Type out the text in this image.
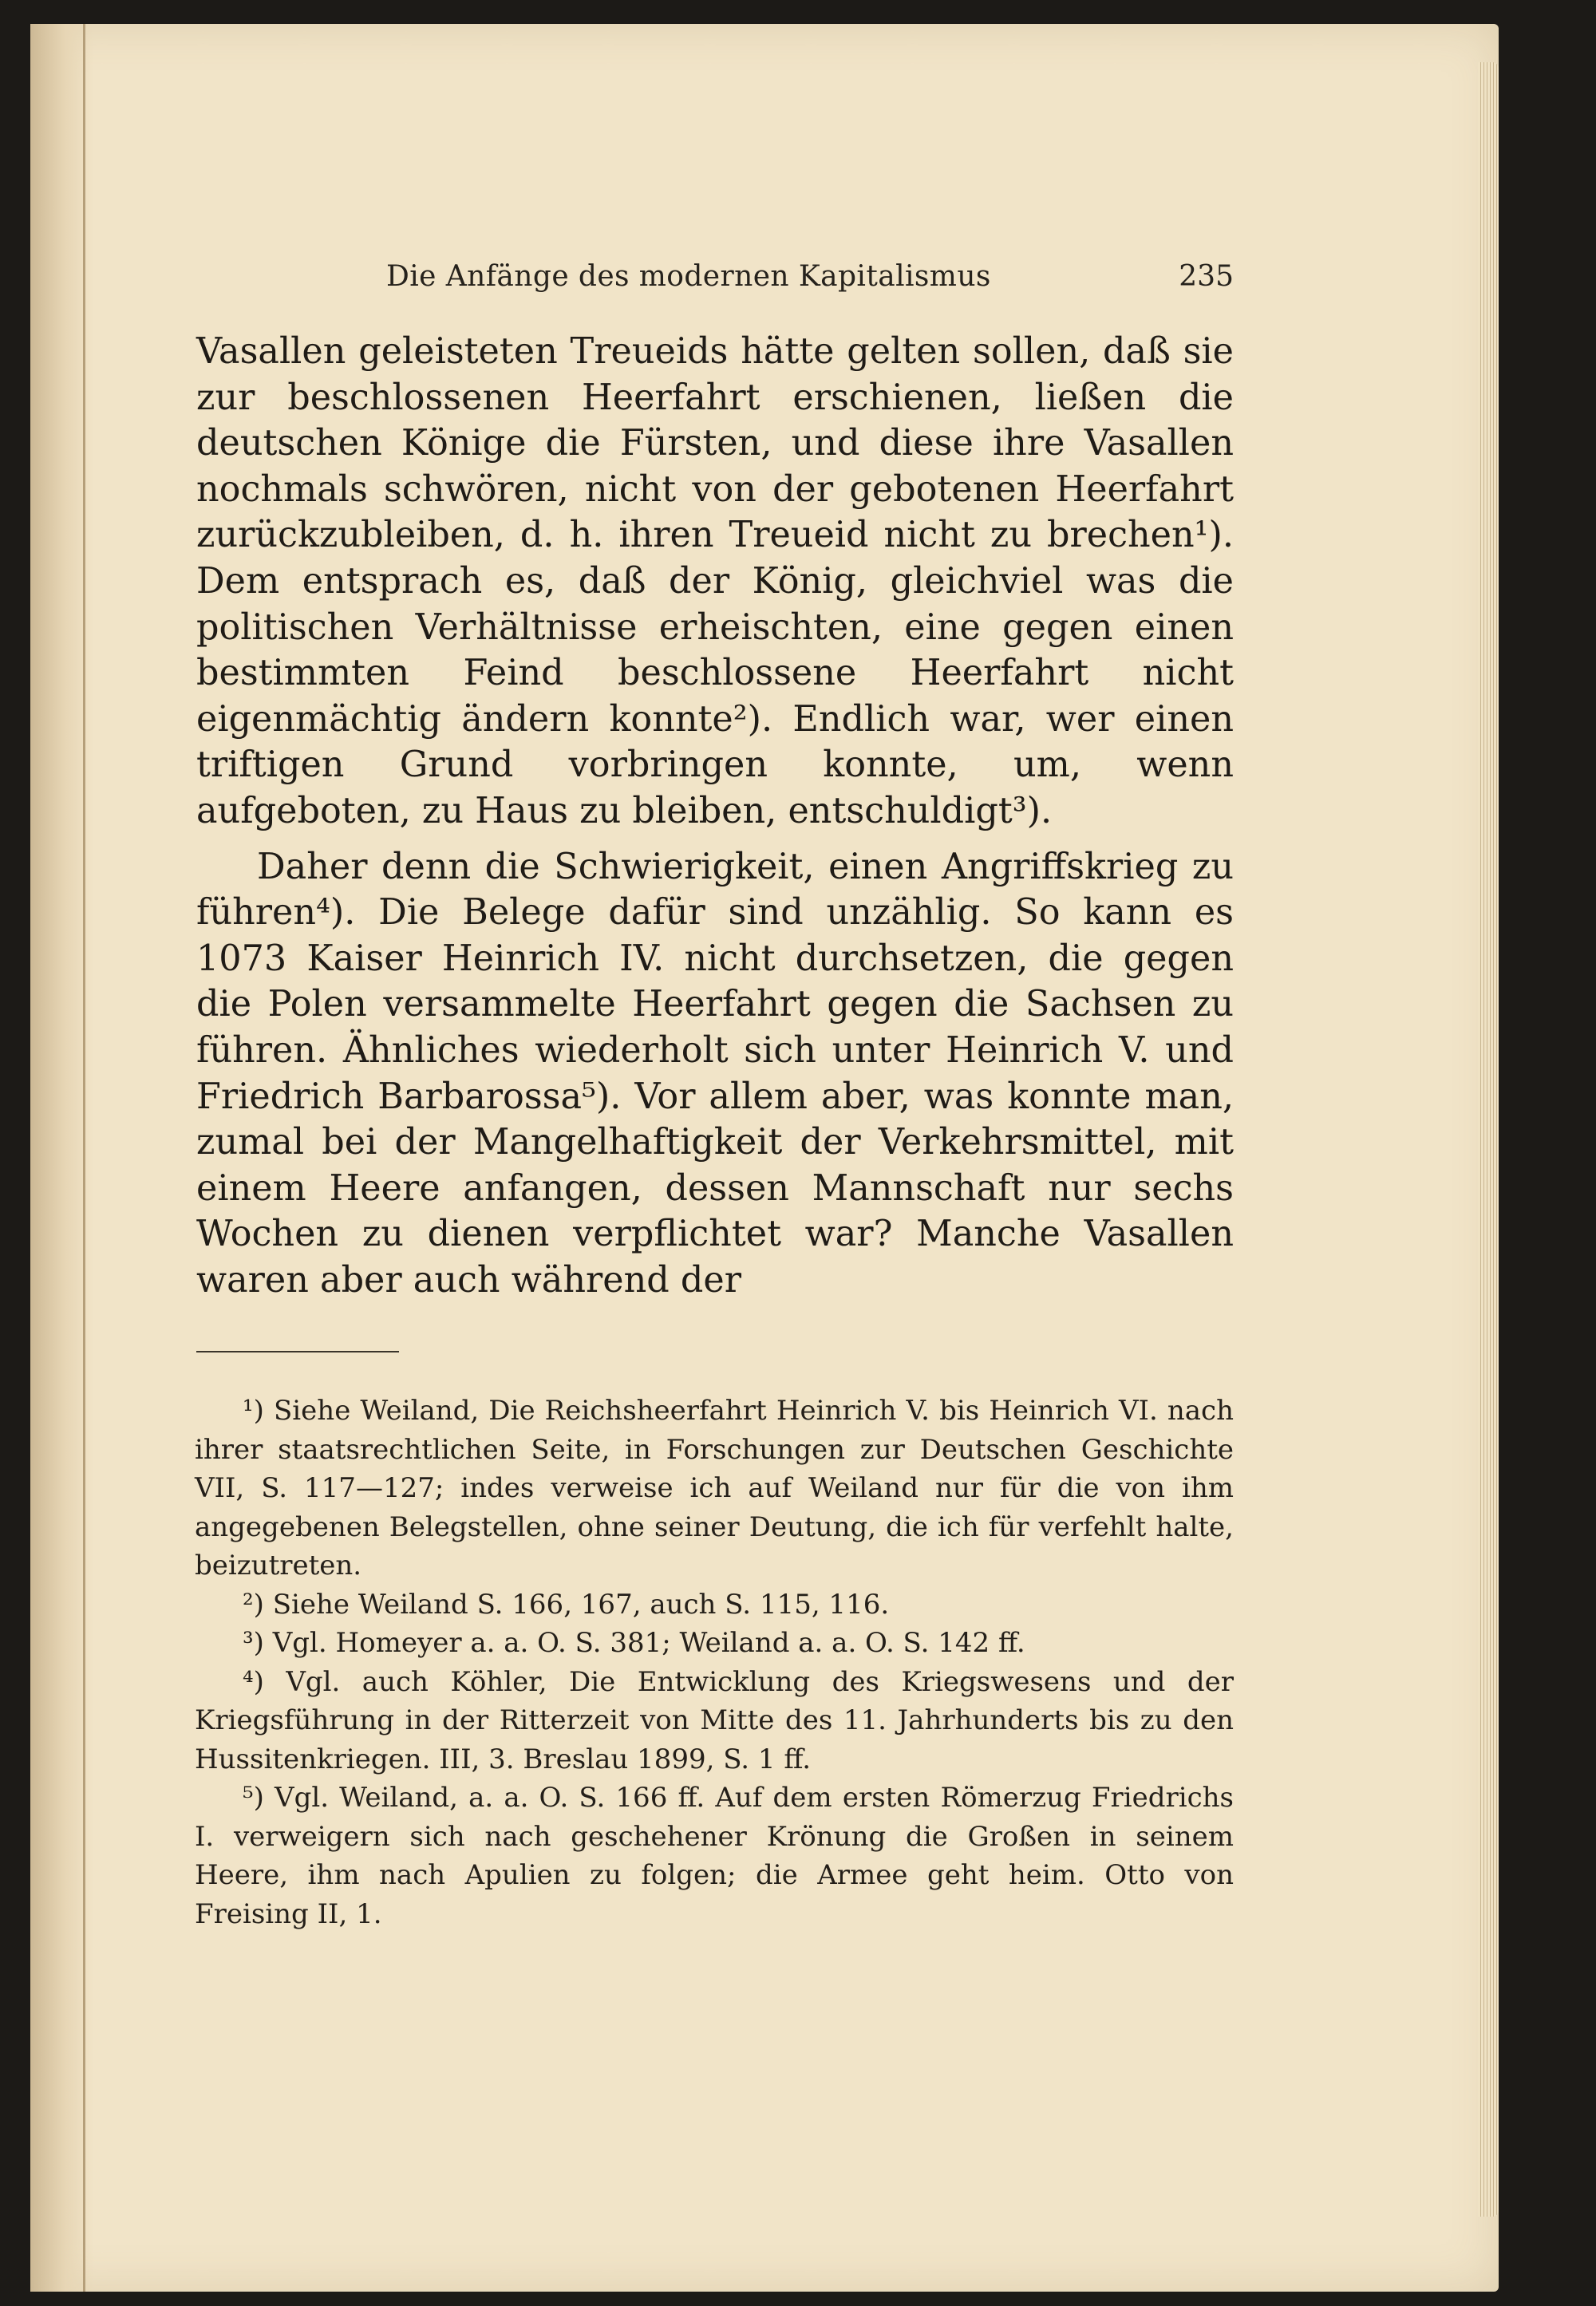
Die Anfänge des modernen Kapitalismus	235

Vasallen geleisteten Treueids hätte gelten sollen, daß sie zur beschlossenen Heerfahrt erschienen, ließen die deutschen Könige die Fürsten, und diese ihre Vasallen nochmals schwören, nicht von der gebotenen Heerfahrt zurückzubleiben, d. h. ihren Treueid nicht zu brechen¹). Dem entsprach es, daß der König, gleichviel was die politischen Verhältnisse erheischten, eine gegen einen bestimmten Feind beschlossene Heerfahrt nicht eigenmächtig ändern konnte²). Endlich war, wer einen triftigen Grund vorbringen konnte, um, wenn aufgeboten, zu Haus zu bleiben, entschuldigt³).

Daher denn die Schwierigkeit, einen Angriffskrieg zu führen⁴). Die Belege dafür sind unzählig. So kann es 1073 Kaiser Heinrich IV. nicht durchsetzen, die gegen die Polen versammelte Heerfahrt gegen die Sachsen zu führen. Ähnliches wiederholt sich unter Heinrich V. und Friedrich Barbarossa⁵). Vor allem aber, was konnte man, zumal bei der Mangelhaftigkeit der Verkehrsmittel, mit einem Heere anfangen, dessen Mannschaft nur sechs Wochen zu dienen verpflichtet war? Manche Vasallen waren aber auch während der

¹) Siehe Weiland, Die Reichsheerfahrt Heinrich V. bis Heinrich VI. nach ihrer staatsrechtlichen Seite, in Forschungen zur Deutschen Geschichte VII, S. 117—127; indes verweise ich auf Weiland nur für die von ihm angegebenen Belegstellen, ohne seiner Deutung, die ich für verfehlt halte, beizutreten.

²) Siehe Weiland S. 166, 167, auch S. 115, 116.

³) Vgl. Homeyer a. a. O. S. 381; Weiland a. a. O. S. 142 ff.

⁴) Vgl. auch Köhler, Die Entwicklung des Kriegswesens und der Kriegsführung in der Ritterzeit von Mitte des 11. Jahrhunderts bis zu den Hussitenkriegen. III, 3. Breslau 1899, S. 1 ff.

⁵) Vgl. Weiland, a. a. O. S. 166 ff. Auf dem ersten Römerzug Friedrichs I. verweigern sich nach geschehener Krönung die Großen in seinem Heere, ihm nach Apulien zu folgen; die Armee geht heim. Otto von Freising II, 1.
